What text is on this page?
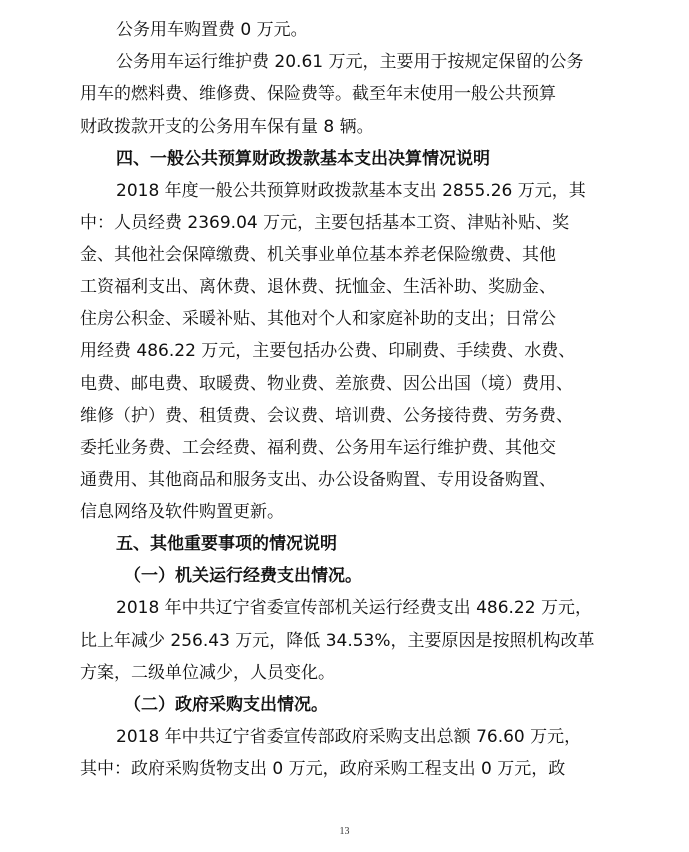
公务用车购置费 0 万元。

公务用车运行维护费 20.61 万元，主要用于按规定保留的公务

用车的燃料费、维修费、保险费等。截至年末使用一般公共预算

财政拨款开支的公务用车保有量 8 辆。

四、一般公共预算财政拨款基本支出决算情况说明

2018 年度一般公共预算财政拨款基本支出 2855.26 万元，其

中：人员经费 2369.04 万元，主要包括基本工资、津贴补贴、奖

金、其他社会保障缴费、机关事业单位基本养老保险缴费、其他

工资福利支出、离休费、退休费、抚恤金、生活补助、奖励金、

住房公积金、采暖补贴、其他对个人和家庭补助的支出；日常公

用经费 486.22 万元，主要包括办公费、印刷费、手续费、水费、

电费、邮电费、取暖费、物业费、差旅费、因公出国（境）费用、

维修（护）费、租赁费、会议费、培训费、公务接待费、劳务费、

委托业务费、工会经费、福利费、公务用车运行维护费、其他交

通费用、其他商品和服务支出、办公设备购置、专用设备购置、

信息网络及软件购置更新。

五、其他重要事项的情况说明

（一）机关运行经费支出情况。

2018 年中共辽宁省委宣传部机关运行经费支出 486.22 万元，

比上年减少 256.43 万元，降低 34.53%，主要原因是按照机构改革

方案，二级单位减少，人员变化。

（二）政府采购支出情况。

2018 年中共辽宁省委宣传部政府采购支出总额 76.60 万元，

其中：政府采购货物支出 0 万元，政府采购工程支出 0 万元，政

13
